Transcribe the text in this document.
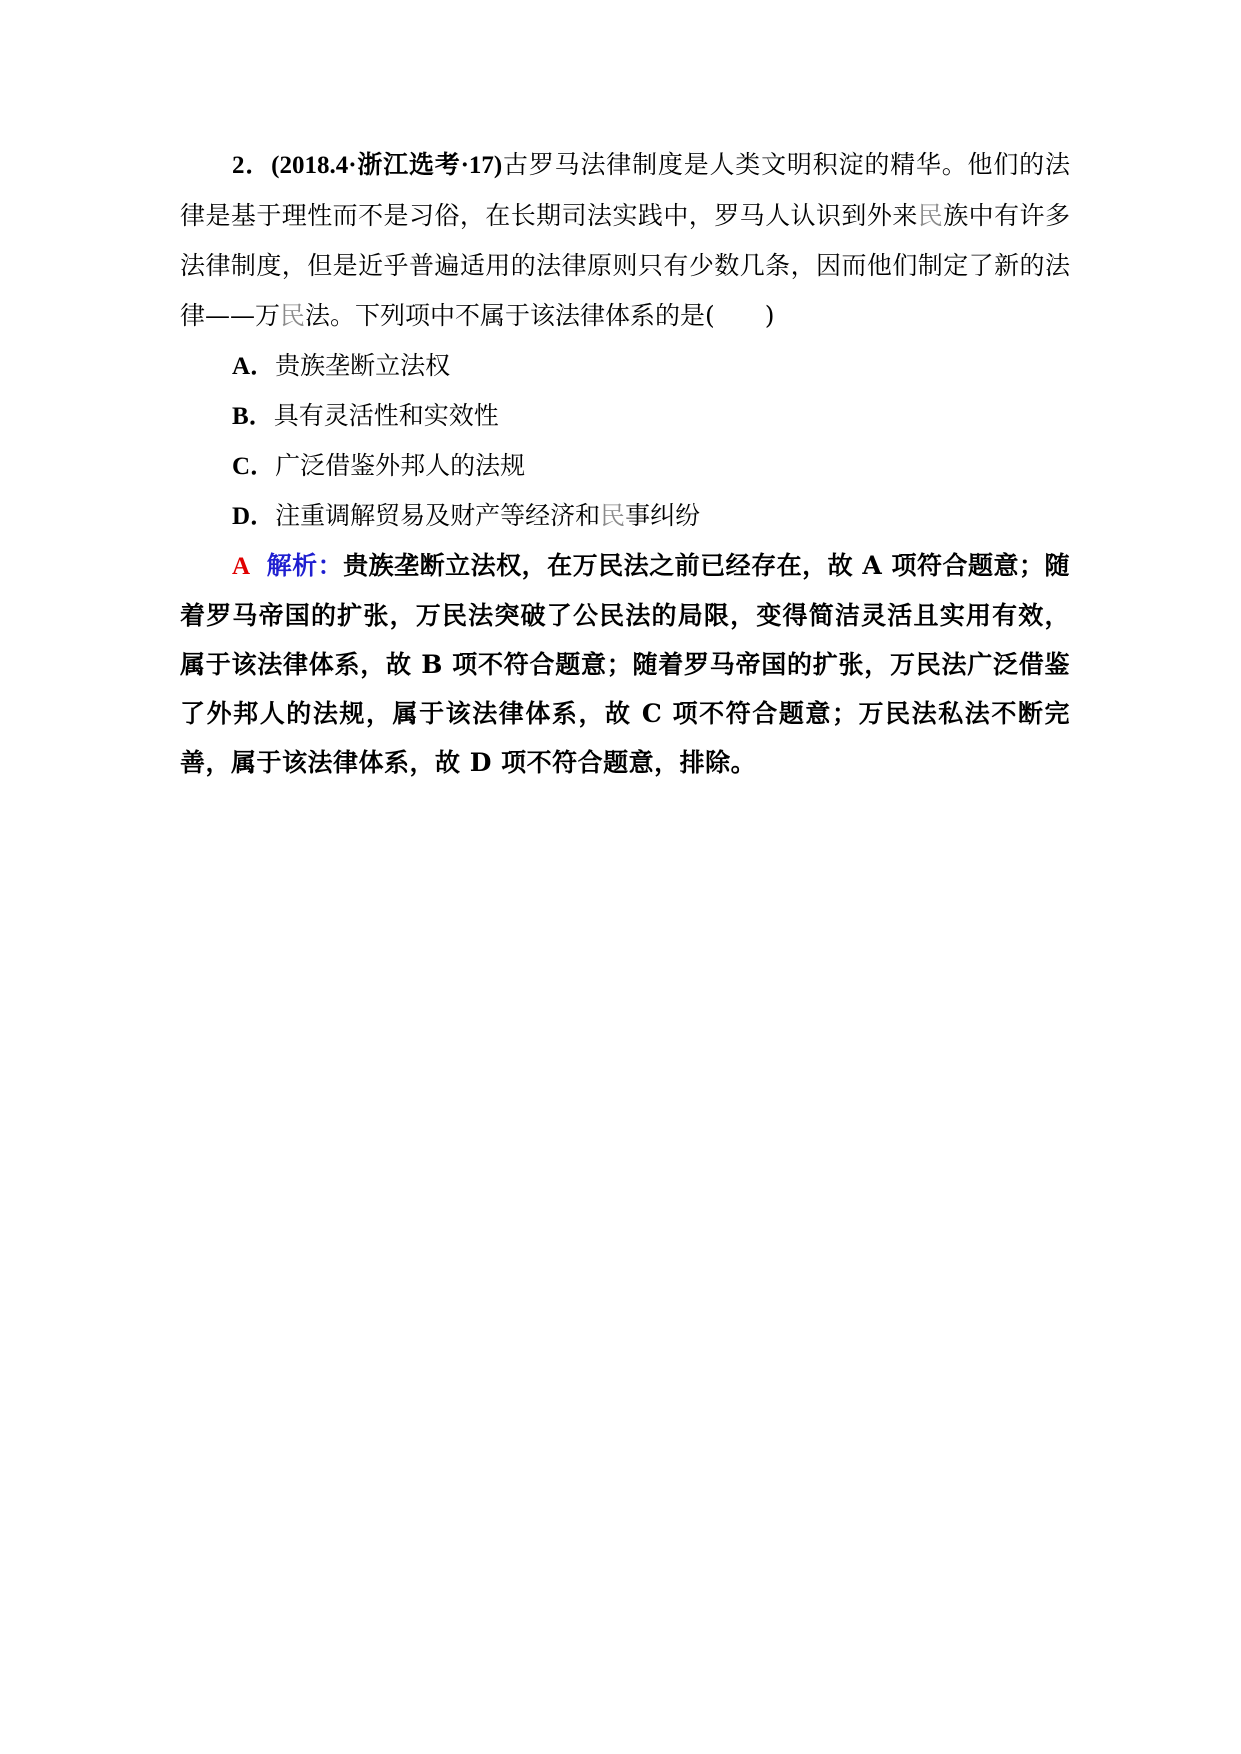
2．(2018.4·浙江选考·17)古罗马法律制度是人类文明积淀的精华。他们的法律是基于理性而不是习俗，在长期司法实践中，罗马人认识到外来民族中有许多法律制度，但是近乎普遍适用的法律原则只有少数几条，因而他们制定了新的法律——万民法。下列项中不属于该法律体系的是(　　)

A．贵族垄断立法权

B．具有灵活性和实效性

C．广泛借鉴外邦人的法规

D．注重调解贸易及财产等经济和民事纠纷

A 解析：贵族垄断立法权，在万民法之前已经存在，故 A 项符合题意；随着罗马帝国的扩张，万民法突破了公民法的局限，变得简洁灵活且实用有效，属于该法律体系，故 B 项不符合题意；随着罗马帝国的扩张，万民法广泛借鉴了外邦人的法规，属于该法律体系，故 C 项不符合题意；万民法私法不断完善，属于该法律体系，故 D 项不符合题意，排除。
